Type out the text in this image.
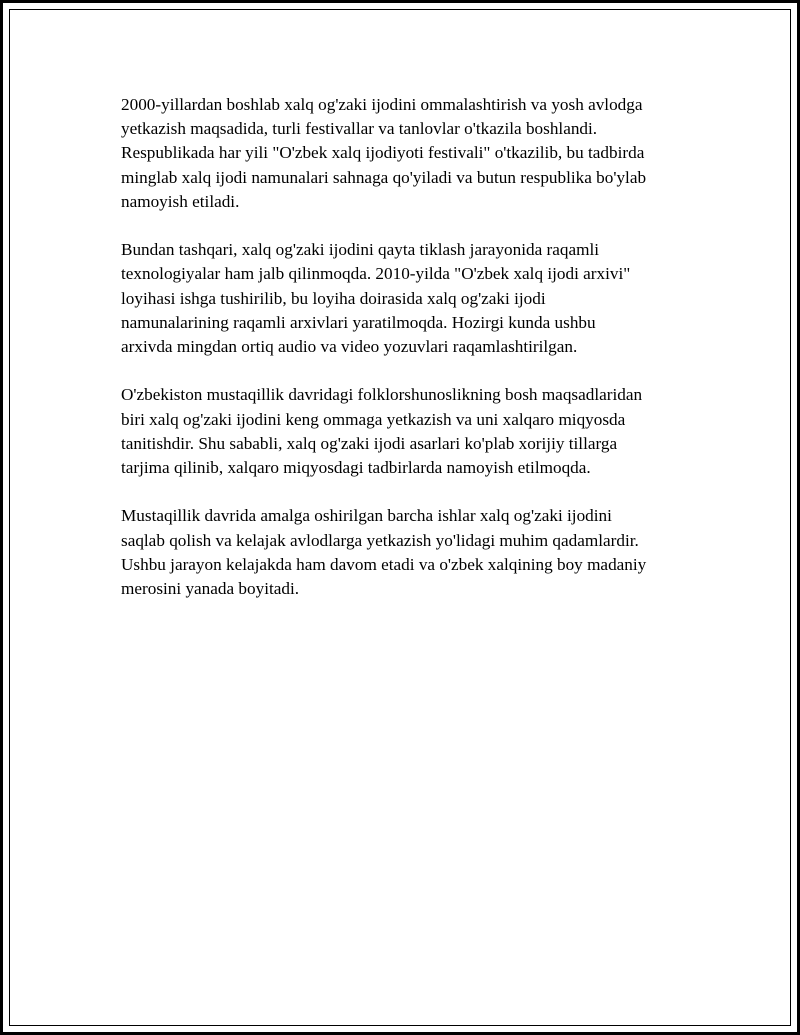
2000-yillardan boshlab xalq og'zaki ijodini ommalashtirish va yosh avlodga
yetkazish maqsadida, turli festivallar va tanlovlar o'tkazila boshlandi.
Respublikada har yili "O'zbek xalq ijodiyoti festivali" o'tkazilib, bu tadbirda
minglab xalq ijodi namunalari sahnaga qo'yiladi va butun respublika bo'ylab
namoyish etiladi.

Bundan tashqari, xalq og'zaki ijodini qayta tiklash jarayonida raqamli
texnologiyalar ham jalb qilinmoqda. 2010-yilda "O'zbek xalq ijodi arxivi"
loyihasi ishga tushirilib, bu loyiha doirasida xalq og'zaki ijodi
namunalarining raqamli arxivlari yaratilmoqda. Hozirgi kunda ushbu
arxivda mingdan ortiq audio va video yozuvlari raqamlashtirilgan.

O'zbekiston mustaqillik davridagi folklorshunoslikning bosh maqsadlaridan
biri xalq og'zaki ijodini keng ommaga yetkazish va uni xalqaro miqyosda
tanitishdir. Shu sababli, xalq og'zaki ijodi asarlari ko'plab xorijiy tillarga
tarjima qilinib, xalqaro miqyosdagi tadbirlarda namoyish etilmoqda.

Mustaqillik davrida amalga oshirilgan barcha ishlar xalq og'zaki ijodini
saqlab qolish va kelajak avlodlarga yetkazish yo'lidagi muhim qadamlardir.
Ushbu jarayon kelajakda ham davom etadi va o'zbek xalqining boy madaniy
merosini yanada boyitadi.
